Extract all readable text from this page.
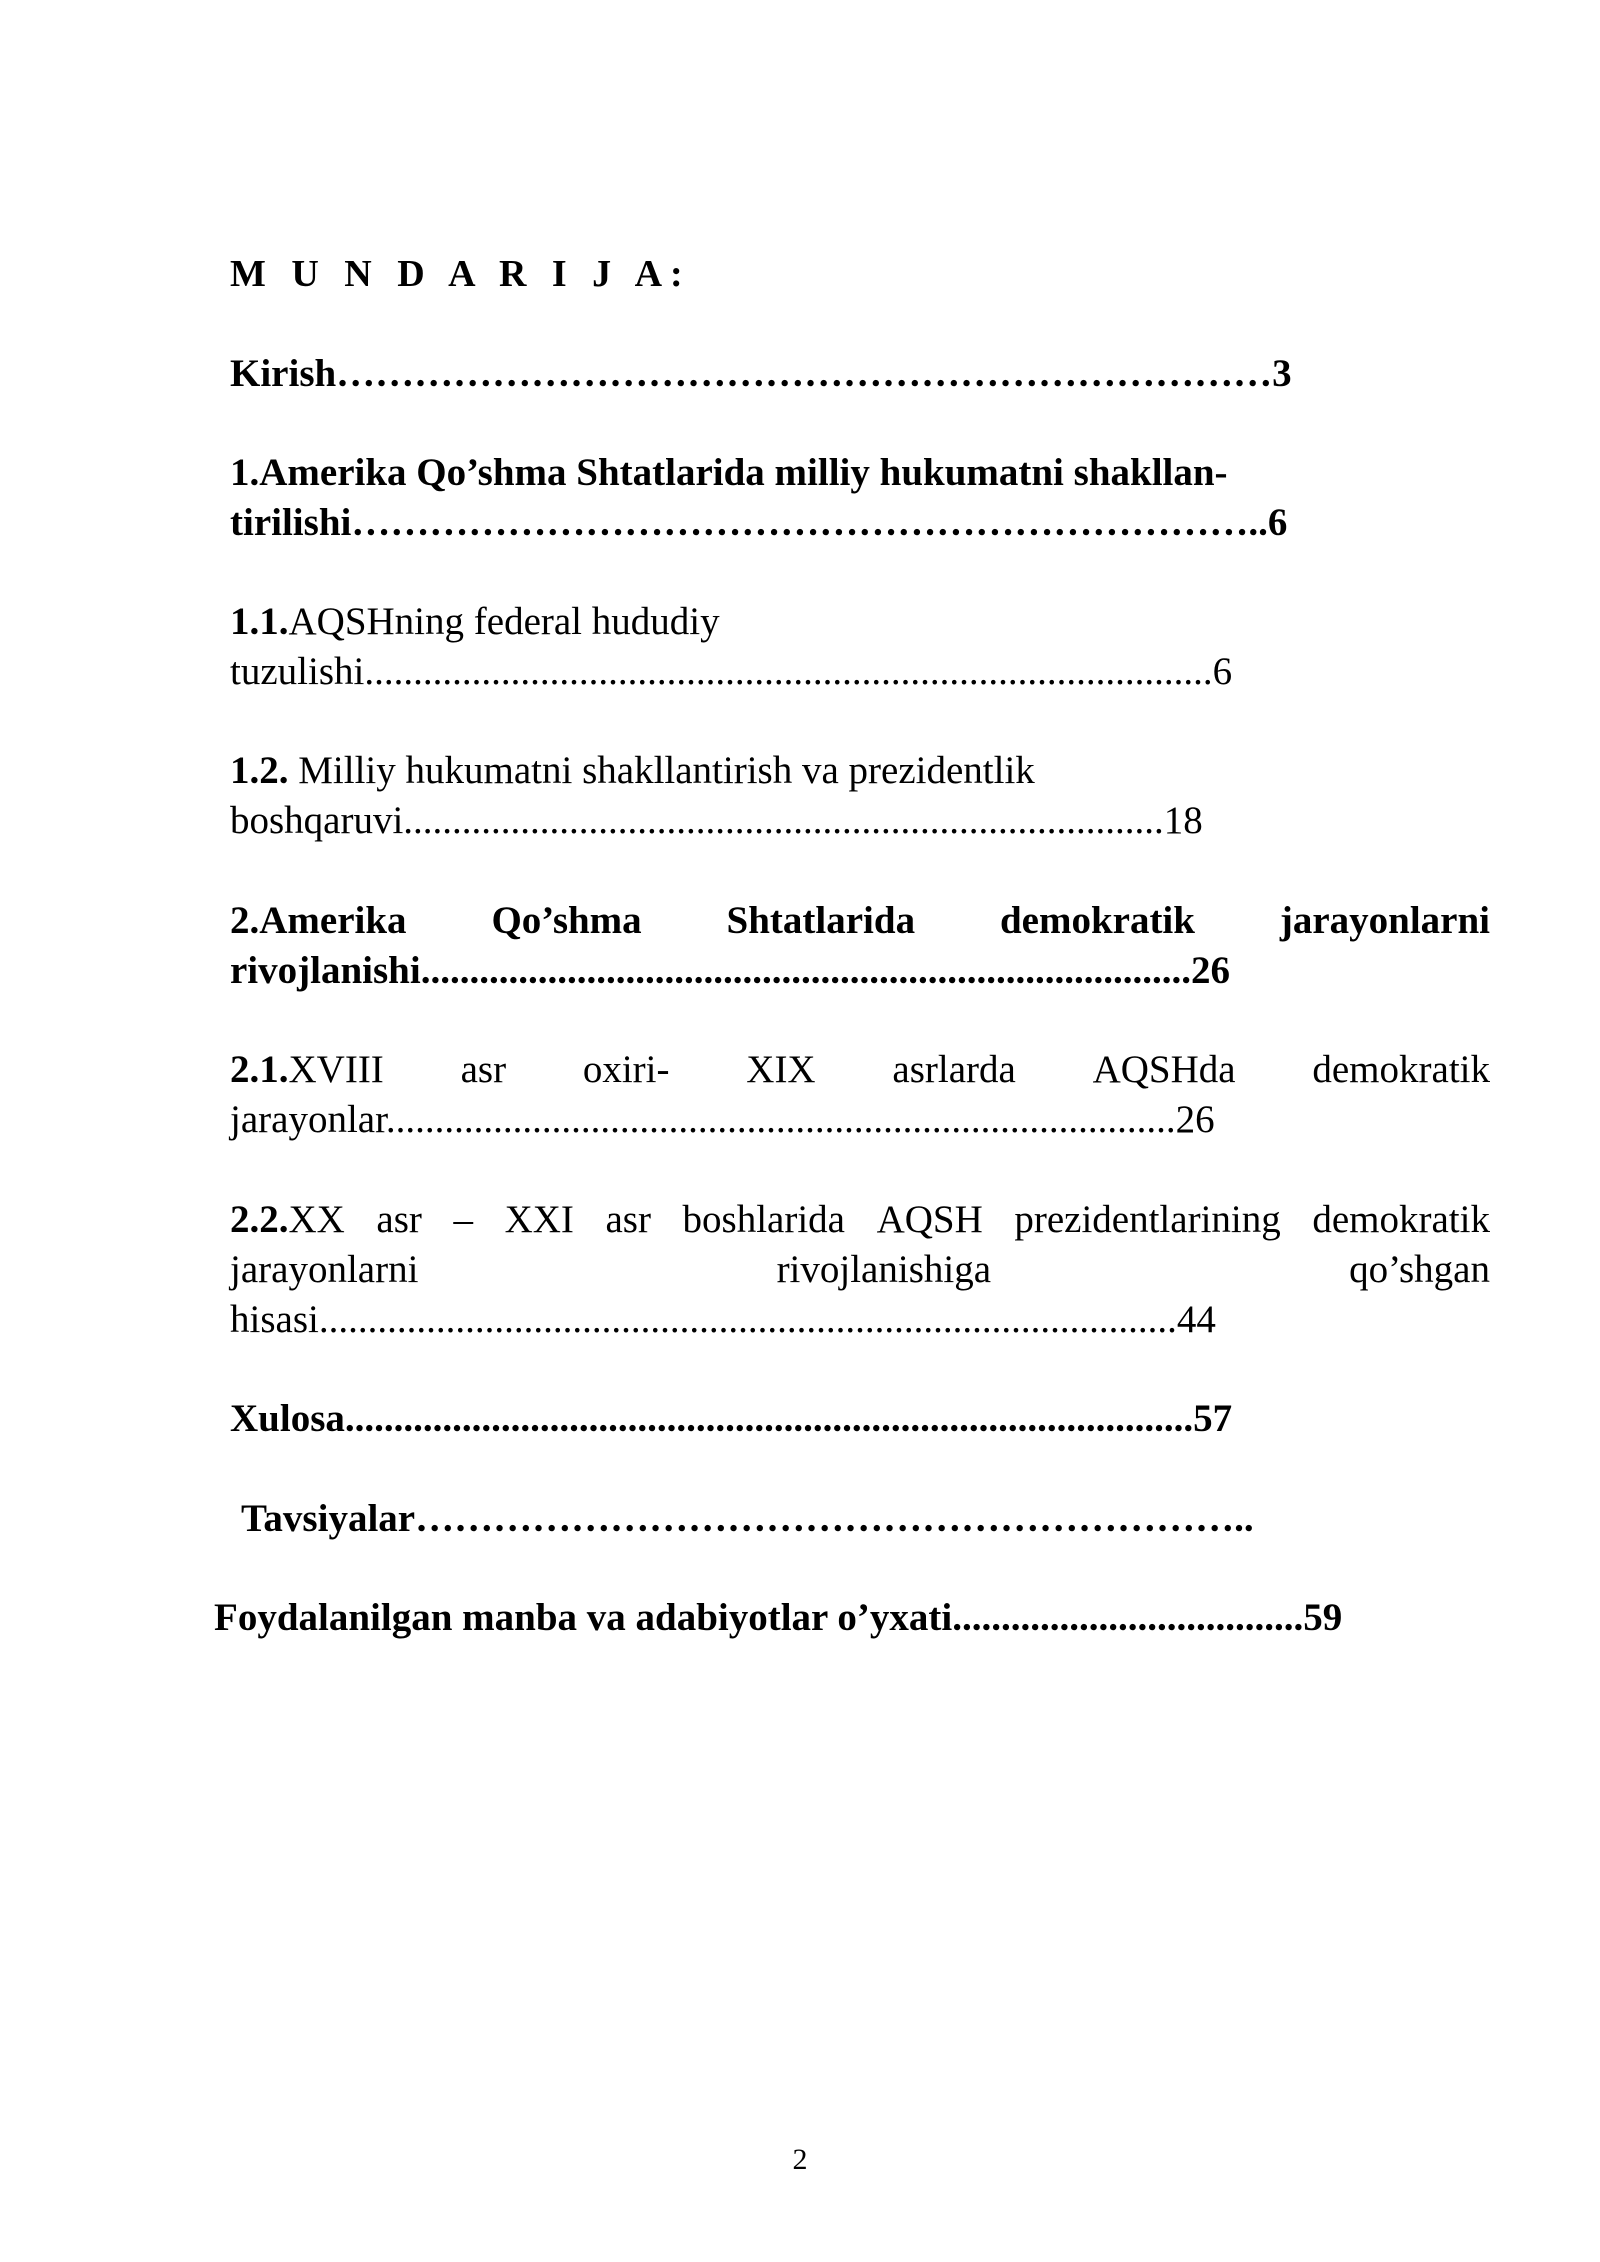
M U N D A R I J A:
Kirish………………………………………………………………3
1.Amerika Qo’shma Shtatlarida milliy hukumatni shakllan-
tirilishi……………………………………………………………..6
1.1.AQSHning federal hududiy
tuzulishi.......................................................................................6
1.2. Milliy hukumatni shakllantirish va prezidentlik
boshqaruvi..............................................................................18
2.Amerika Qo’shma Shtatlarida demokratik jarayonlarni
rivojlanishi...............................................................................26
2.1.XVIII asr oxiri- XIX asrlarda AQSHda demokratik
jarayonlar.................................................................................26
2.2.XX asr – XXI asr boshlarida AQSH prezidentlarining demokratik
jarayonlarni	rivojlanishiga	qo’shgan
hisasi........................................................................................44
Xulosa.......................................................................................57
Tavsiyalar………………………………………………………..
Foydalanilgan manba va adabiyotlar o’yxati....................................59
2
